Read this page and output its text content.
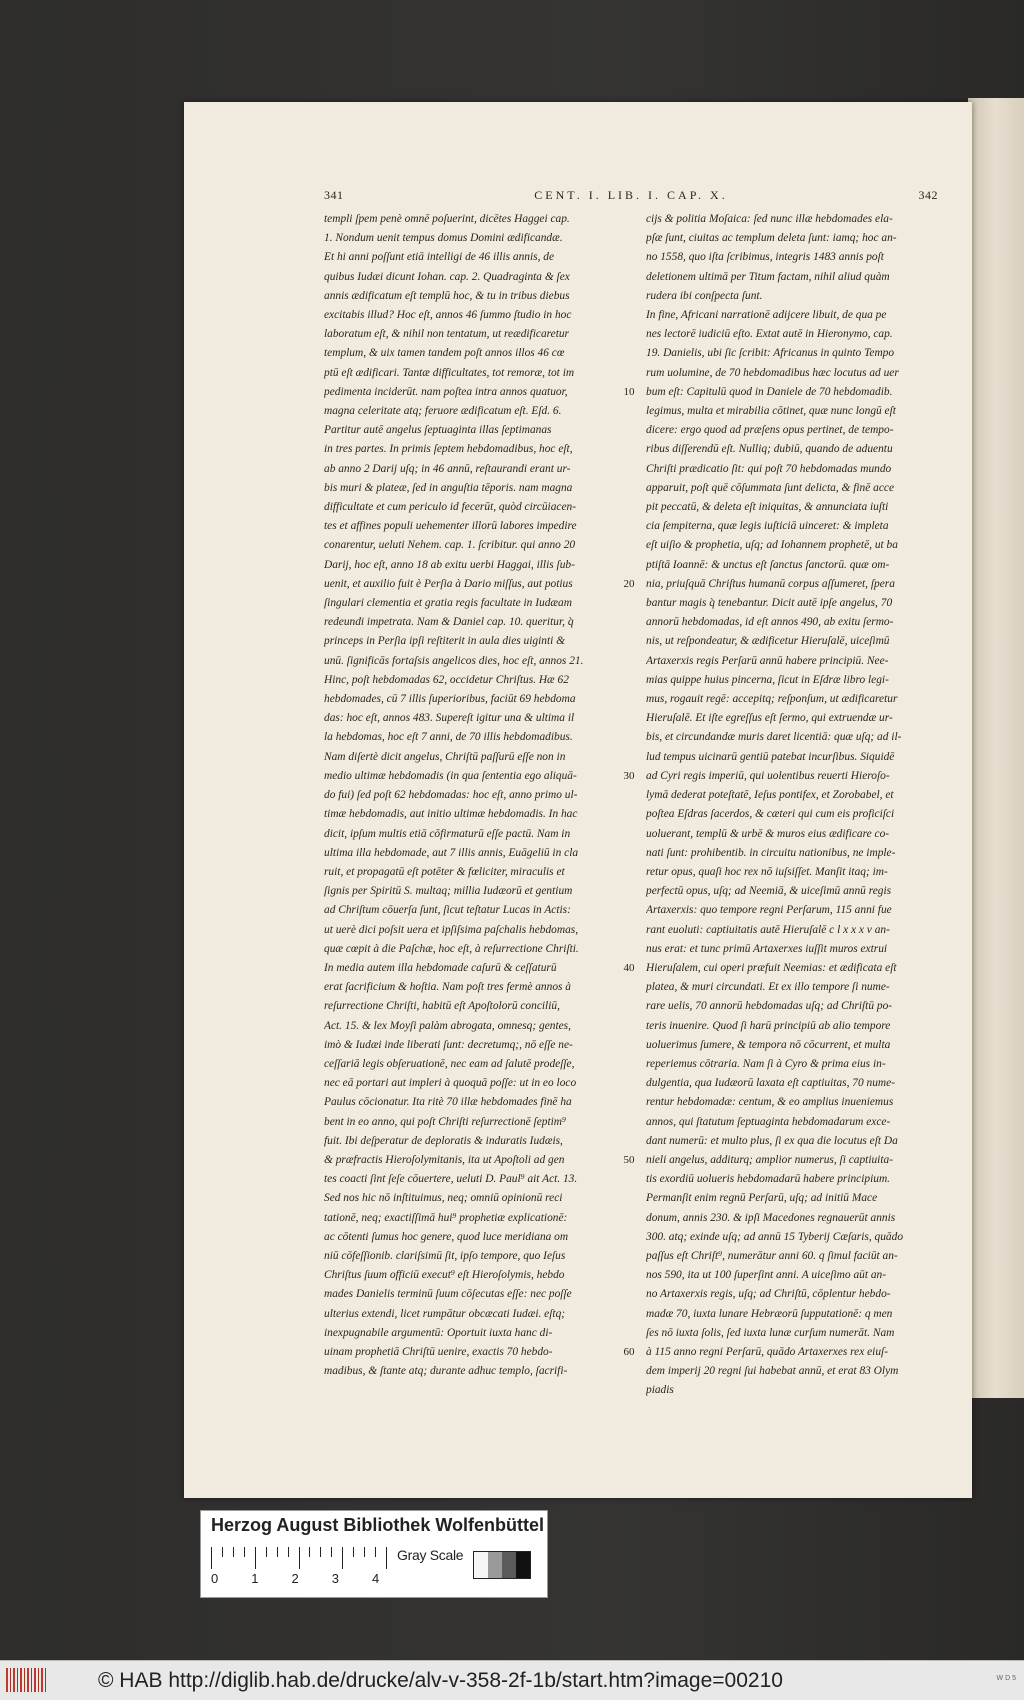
341	CENT. I. LIB. I. CAP. X.	342

templi ſpem penè omnē poſuerint, dicētes Haggei cap.

1. Nondum uenit tempus domus Domini ædificandæ.

Et hi anni poſſunt etiā intelligi de 46 illis annis, de

quibus Iudæi dicunt Iohan. cap. 2. Quadraginta & ſex

annis ædificatum eſt templū hoc, & tu in tribus diebus

excitabis illud? Hoc eſt, annos 46 ſummo ſtudio in hoc

laboratum eſt, & nihil non tentatum, ut reædificaretur

templum, & uix tamen tandem poſt annos illos 46 cœ

ptū eſt ædificari. Tantæ difficultates, tot remoræ, tot im

pedimenta inciderūt. nam poſtea intra annos quatuor,

magna celeritate atq; feruore ædificatum eſt. Eſd. 6.

Partitur autē angelus ſeptuaginta illas ſeptimanas

in tres partes. In primis ſeptem hebdomadibus, hoc eſt,

ab anno 2 Darij uſq; in 46 annū, reſtaurandi erant ur-

bis muri & plateæ, ſed in anguſtia tēporis. nam magna

difficultate et cum periculo id fecerūt, quòd circūiacen-

tes et affines populi uehementer illorū labores impedire

conarentur, ueluti Nehem. cap. 1. ſcribitur. qui anno 20

Darij, hoc eſt, anno 18 ab exitu uerbi Haggai, illis ſub-

uenit, et auxilio fuit è Perſia à Dario miſſus, aut potius

ſingulari clementia et gratia regis facultate in Iudæam

redeundi impetrata. Nam & Daniel cap. 10. queritur, q̀

princeps in Perſia ipſi reſtiterit in aula dies uiginti &

unū. ſignificās fortaſsis angelicos dies, hoc eſt, annos 21.

Hinc, poſt hebdomadas 62, occidetur Chriſtus. Hæ 62

hebdomades, cū 7 illis ſuperioribus, faciūt 69 hebdoma

das: hoc eſt, annos 483. Supereſt igitur una & ultima il

la hebdomas, hoc eſt 7 anni, de 70 illis hebdomadibus.

Nam diſertè dicit angelus, Chriſtū paſſurū eſſe non in

medio ultimæ hebdomadis (in qua ſententia ego aliquā-

do fui) ſed poſt 62 hebdomadas: hoc eſt, anno primo ul-

timæ hebdomadis, aut initio ultimæ hebdomadis. In hac

dicit, ipſum multis etiā cōfirmaturū eſſe pactū. Nam in

ultima illa hebdomade, aut 7 illis annis, Euāgeliū in cla

ruit, et propagatū eſt potēter & fœliciter, miraculis et

ſignis per Spiritū S. multaq; millia Iudæorū et gentium

ad Chriſtum cōuerſa ſunt, ſicut teſtatur Lucas in Actis:

ut uerè dici poſsit uera et ipſiſsima paſchalis hebdomas,

quæ cœpit à die Paſchæ, hoc eſt, à reſurrectione Chriſti.

In media autem illa hebdomade caſurū & ceſſaturū

erat ſacrificium & hoſtia. Nam poſt tres fermè annos à

reſurrectione Chriſti, habitū eſt Apoſtolorū conciliū,

Act. 15. & lex Moyſi palàm abrogata, omnesq; gentes,

imò & Iudæi inde liberati ſunt: decretumq;, nō eſſe ne-

ceſſariā legis obſeruationē, nec eam ad ſalutē prodeſſe,

nec eā portari aut impleri à quoquā poſſe: ut in eo loco

Paulus cōcionatur. Ita ritè 70 illæ hebdomades finē ha

bent in eo anno, qui poſt Chriſti reſurrectionē ſeptim⁹

fuit. Ibi deſperatur de deploratis & induratis Iudæis,

& præfractis Hieroſolymitanis, ita ut Apoſtoli ad gen

tes coacti ſint ſeſe cōuertere, ueluti D. Paul⁹ ait Act. 13.

Sed nos hic nō inſtituimus, neq; omniū opinionū reci

tationē, neq; exactiſſimā hui⁹ prophetiæ explicationē:

ac cōtenti ſumus hoc genere, quod luce meridiana om

niū cōfeſſionib. clariſsimū ſit, ipſo tempore, quo Ieſus

Chriſtus ſuum officiū execut⁹ eſt Hieroſolymis, hebdo

mades Danielis terminū ſuum cōſecutas eſſe: nec poſſe

ulterius extendi, licet rumpātur obcæcati Iudæi. eſtq;

inexpugnabile argumentū: Oportuit iuxta hanc di-

uinam prophetiā Chriſtū uenire, exactis 70 hebdo-

madibus, & ſtante atq; durante adhuc templo, ſacrifi-

10
20
30
40
50
60

cijs & politia Moſaica: ſed nunc illæ hebdomades ela-

pſæ ſunt, ciuitas ac templum deleta ſunt: iamq; hoc an-

no 1558, quo iſta ſcribimus, integris 1483 annis poſt

deletionem ultimā per Titum factam, nihil aliud quàm

rudera ibi conſpecta ſunt.

In fine, Africani narrationē adijcere libuit, de qua pe

nes lectorē iudiciū eſto. Extat autē in Hieronymo, cap.

19. Danielis, ubi ſic ſcribit: Africanus in quinto Tempo

rum uolumine, de 70 hebdomadibus hæc locutus ad uer

bum eſt: Capitulū quod in Daniele de 70 hebdomadib.

legimus, multa et mirabilia cōtinet, quæ nunc longū eſt

dicere: ergo quod ad præſens opus pertinet, de tempo-

ribus diſſerendū eſt. Nulliq; dubiū, quando de aduentu

Chriſti prædicatio ſit: qui poſt 70 hebdomadas mundo

apparuit, poſt quē cōſummata ſunt delicta, & finē acce

pit peccatū, & deleta eſt iniquitas, & annunciata iuſti

cia ſempiterna, quæ legis iuſticiā uinceret: & impleta

eſt uiſio & prophetia, uſq; ad Iohannem prophetē, ut ba

ptiſtā Ioannē: & unctus eſt ſanctus ſanctorū. quæ om-

nia, priuſquā Chriſtus humanū corpus aſſumeret, ſpera

bantur magis q̀ tenebantur. Dicit autē ipſe angelus, 70

annorū hebdomadas, id eſt annos 490, ab exitu ſermo-

nis, ut reſpondeatur, & ædificetur Hieruſalē, uiceſimū

Artaxerxis regis Perſarū annū habere principiū. Nee-

mias quippe huius pincerna, ſicut in Eſdræ libro legi-

mus, rogauit regē: accepitq; reſponſum, ut ædificaretur

Hieruſalē. Et iſte egreſſus eſt ſermo, qui extruendæ ur-

bis, et circundandæ muris daret licentiā: quæ uſq; ad il-

lud tempus uicinarū gentiū patebat incurſibus. Siquidē

ad Cyri regis imperiū, qui uolentibus reuerti Hieroſo-

lymā dederat poteſtatē, Ieſus pontifex, et Zorobabel, et

poſtea Eſdras ſacerdos, & cæteri qui cum eis proficiſci

uoluerant, templū & urbē & muros eius ædificare co-

nati ſunt: prohibentib. in circuitu nationibus, ne imple-

retur opus, quaſi hoc rex nō iuſsiſſet. Manſit itaq; im-

perfectū opus, uſq; ad Neemiā, & uiceſimū annū regis

Artaxerxis: quo tempore regni Perſarum, 115 anni fue

rant euoluti: captiuitatis autē Hieruſalē c l x x x v an-

nus erat: et tunc primū Artaxerxes iuſſit muros extrui

Hieruſalem, cui operi præfuit Neemias: et ædificata eſt

platea, & muri circundati. Et ex illo tempore ſi nume-

rare uelis, 70 annorū hebdomadas uſq; ad Chriſtū po-

teris inuenire. Quod ſi harū principiū ab alio tempore

uoluerimus ſumere, & tempora nō cōcurrent, et multa

reperiemus cōtraria. Nam ſi à Cyro & prima eius in-

dulgentia, qua Iudæorū laxata eſt captiuitas, 70 nume-

rentur hebdomadæ: centum, & eo amplius inueniemus

annos, qui ſtatutum ſeptuaginta hebdomadarum exce-

dant numerū: et multo plus, ſi ex qua die locutus eſt Da

nieli angelus, additurq; amplior numerus, ſi captiuita-

tis exordiū uolueris hebdomadarū habere principium.

Permanſit enim regnū Perſarū, uſq; ad initiū Mace

donum, annis 230. & ipſi Macedones regnauerūt annis

300. atq; exinde uſq; ad annū 15 Tyberij Cæſaris, quādo

paſſus eſt Chriſt⁹, numerātur anni 60. q ſimul faciūt an-

nos 590, ita ut 100 ſuperſint anni. A uiceſimo aūt an-

no Artaxerxis regis, uſq; ad Chriſtū, cōplentur hebdo-

madæ 70, iuxta lunare Hebræorū ſupputationē: q men

ſes nō iuxta ſolis, ſed iuxta lunæ curſum numerāt. Nam

à 115 anno regni Perſarū, quādo Artaxerxes rex eiuſ-

dem imperij 20 regni ſui habebat annū, et erat 83 Olym

piadis

Herzog August Bibliothek Wolfenbüttel
0	1	2	3	4
Gray Scale
© HAB http://diglib.hab.de/drucke/alv-v-358-2f-1b/start.htm?image=00210	W D 5
